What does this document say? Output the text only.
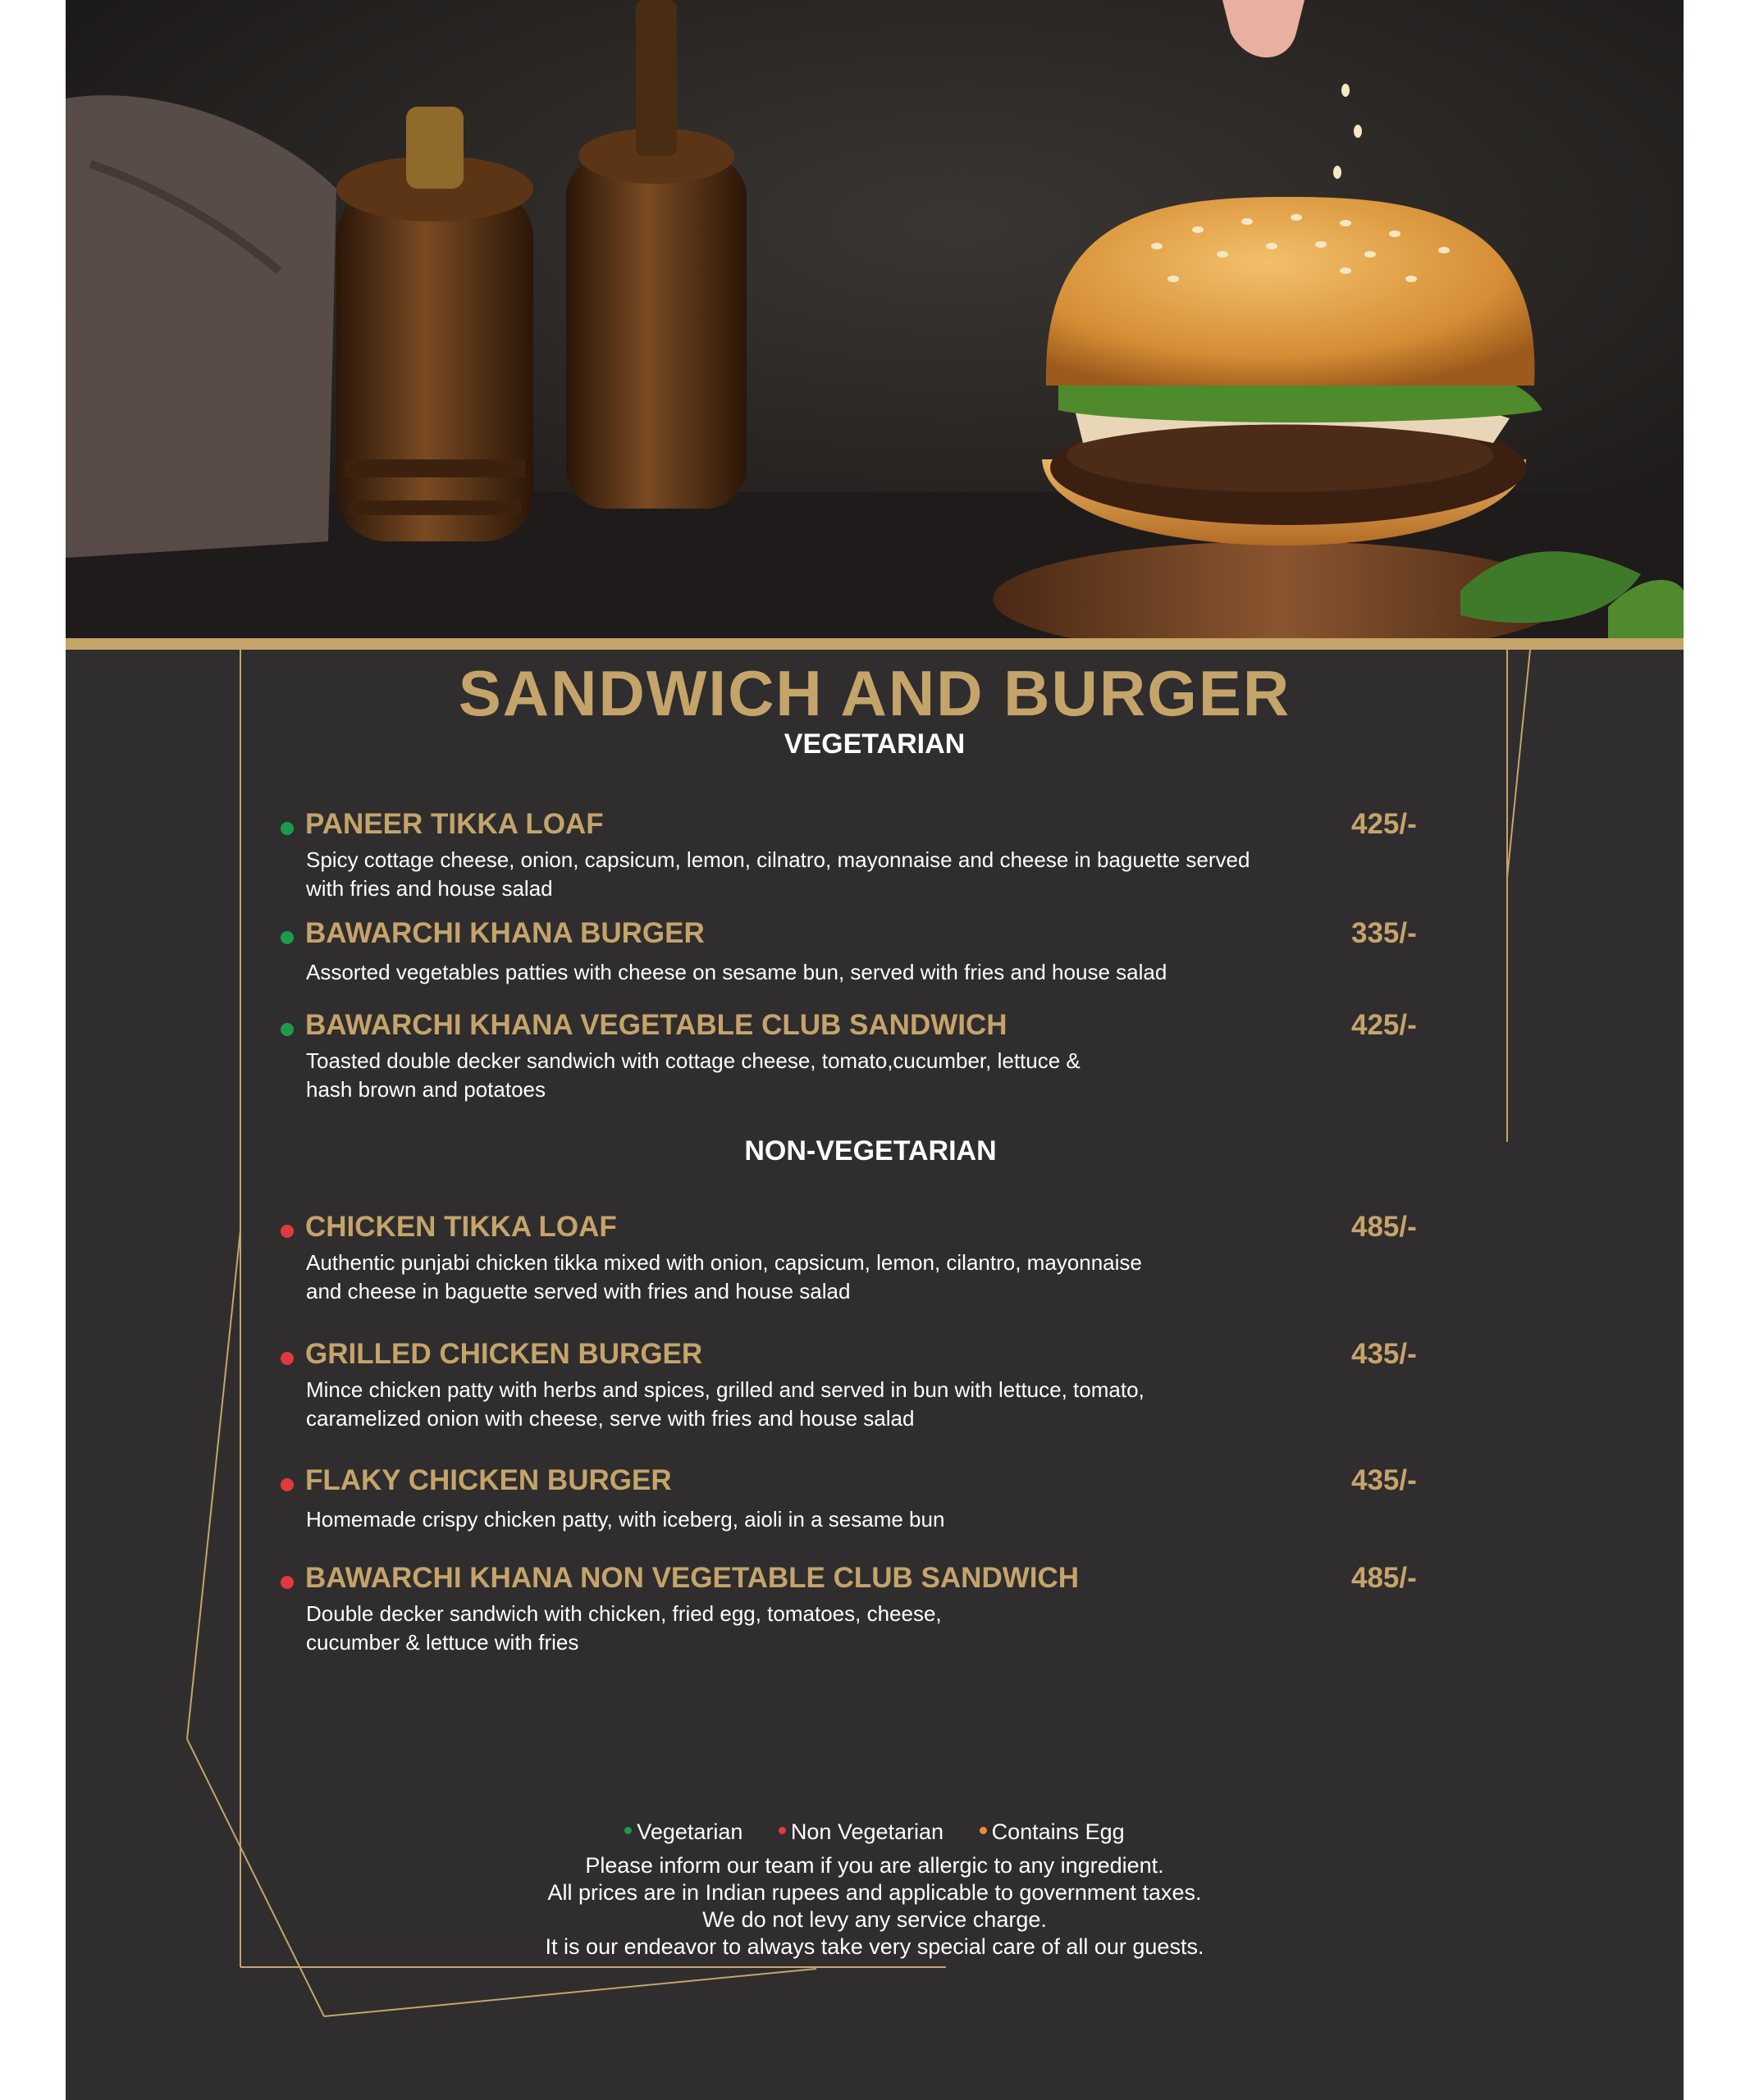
SANDWICH AND BURGER
VEGETARIAN
PANEER TIKKA LOAF	425/-
Spicy cottage cheese, onion, capsicum, lemon, cilnatro, mayonnaise and cheese in baguette served
with fries and house salad
BAWARCHI KHANA BURGER	335/-
Assorted vegetables patties with cheese on sesame bun, served with fries and house salad
BAWARCHI KHANA VEGETABLE CLUB SANDWICH	425/-
Toasted double decker sandwich with cottage cheese, tomato,cucumber, lettuce &
hash brown and potatoes
NON-VEGETARIAN
CHICKEN TIKKA LOAF	485/-
Authentic punjabi chicken tikka mixed with onion, capsicum, lemon, cilantro, mayonnaise
and cheese in baguette served with fries and house salad
GRILLED CHICKEN BURGER	435/-
Mince chicken patty with herbs and spices, grilled and served in bun with lettuce, tomato,
caramelized onion with cheese, serve with fries and house salad
FLAKY CHICKEN BURGER	435/-
Homemade crispy chicken patty, with iceberg, aioli in a sesame bun
BAWARCHI KHANA NON VEGETABLE CLUB SANDWICH	485/-
Double decker sandwich with chicken, fried egg, tomatoes, cheese,
cucumber & lettuce with fries
Vegetarian Non Vegetarian Contains Egg
Please inform our team if you are allergic to any ingredient.
All prices are in Indian rupees and applicable to government taxes.
We do not levy any service charge.
It is our endeavor to always take very special care of all our guests.
